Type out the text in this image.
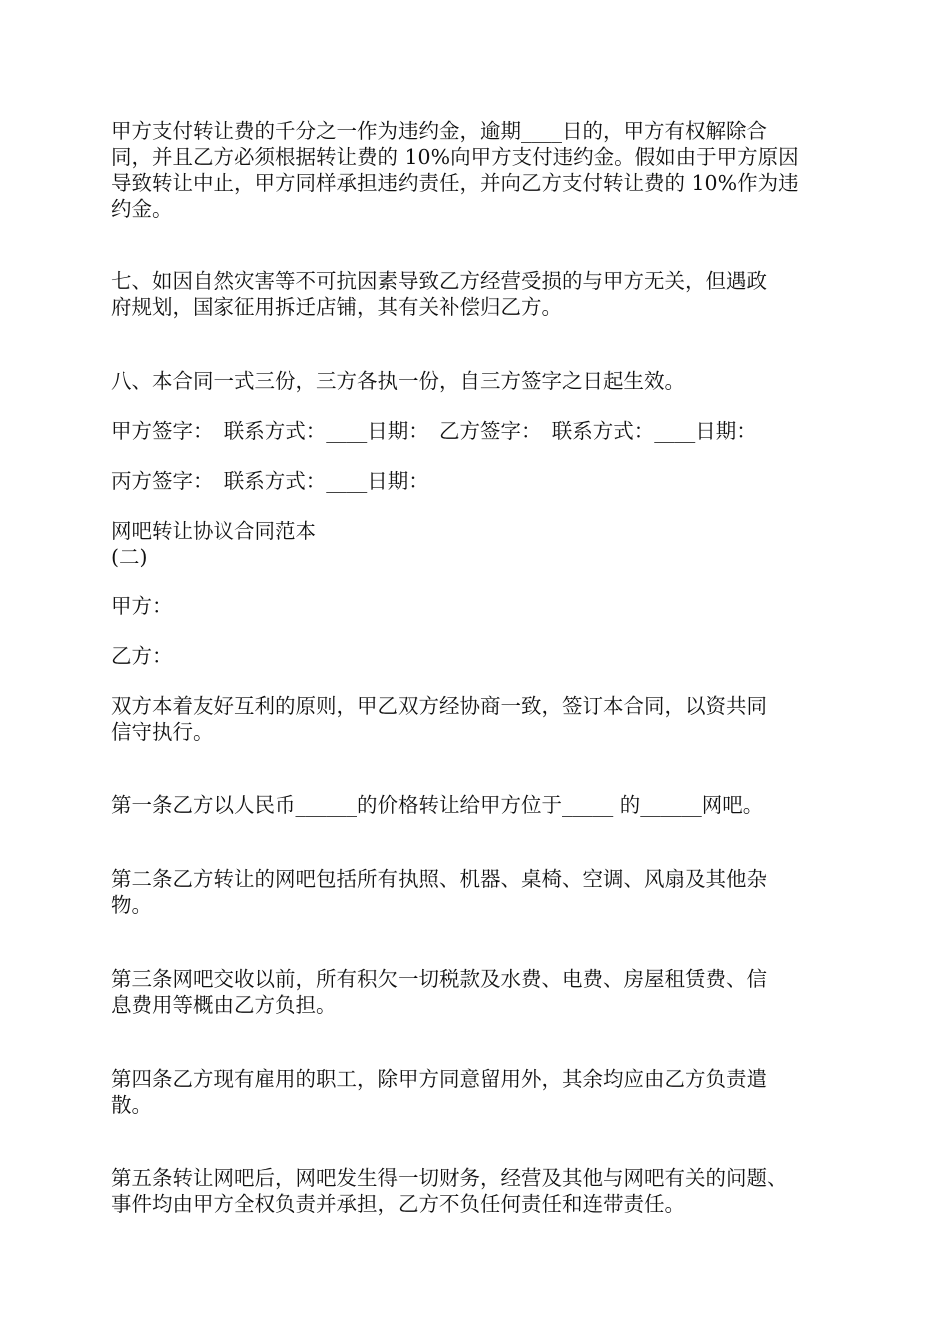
甲方支付转让费的千分之一作为违约金，逾期____日的，甲方有权解除合
同，并且乙方必须根据转让费的 10%向甲方支付违约金。假如由于甲方原因
导致转让中止，甲方同样承担违约责任，并向乙方支付转让费的 10%作为违
约金。

七、如因自然灾害等不可抗因素导致乙方经营受损的与甲方无关，但遇政
府规划，国家征用拆迁店铺，其有关补偿归乙方。

八、本合同一式三份，三方各执一份，自三方签字之日起生效。

甲方签字：　联系方式：____日期：　乙方签字：　联系方式：____日期：

丙方签字：　联系方式：____日期：

网吧转让协议合同范本
(二)

甲方：

乙方：

双方本着友好互利的原则，甲乙双方经协商一致，签订本合同，以资共同
信守执行。

第一条乙方以人民币______的价格转让给甲方位于_____ 的______网吧。

第二条乙方转让的网吧包括所有执照、机器、桌椅、空调、风扇及其他杂
物。

第三条网吧交收以前，所有积欠一切税款及水费、电费、房屋租赁费、信
息费用等概由乙方负担。

第四条乙方现有雇用的职工，除甲方同意留用外，其余均应由乙方负责遣
散。

第五条转让网吧后，网吧发生得一切财务，经营及其他与网吧有关的问题、
事件均由甲方全权负责并承担，乙方不负任何责任和连带责任。
